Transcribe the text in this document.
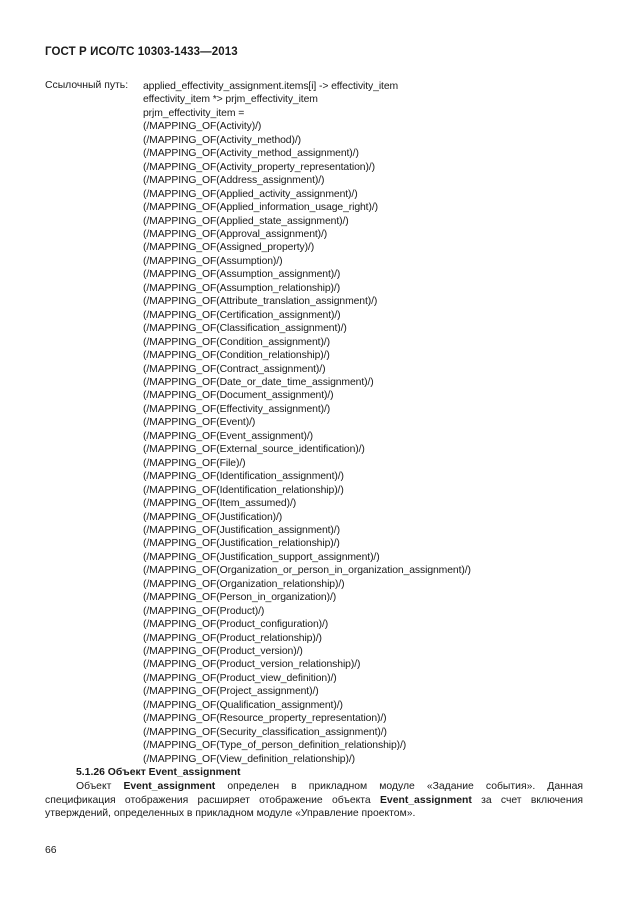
ГОСТ Р ИСО/ТС 10303-1433—2013
Ссылочный путь: applied_effectivity_assignment.items[i] -> effectivity_item
effectivity_item *> prjm_effectivity_item
prjm_effectivity_item =
(/MAPPING_OF(Activity)/)
(/MAPPING_OF(Activity_method)/)
(/MAPPING_OF(Activity_method_assignment)/)
(/MAPPING_OF(Activity_property_representation)/)
(/MAPPING_OF(Address_assignment)/)
(/MAPPING_OF(Applied_activity_assignment)/)
(/MAPPING_OF(Applied_information_usage_right)/)
(/MAPPING_OF(Applied_state_assignment)/)
(/MAPPING_OF(Approval_assignment)/)
(/MAPPING_OF(Assigned_property)/)
(/MAPPING_OF(Assumption)/)
(/MAPPING_OF(Assumption_assignment)/)
(/MAPPING_OF(Assumption_relationship)/)
(/MAPPING_OF(Attribute_translation_assignment)/)
(/MAPPING_OF(Certification_assignment)/)
(/MAPPING_OF(Classification_assignment)/)
(/MAPPING_OF(Condition_assignment)/)
(/MAPPING_OF(Condition_relationship)/)
(/MAPPING_OF(Contract_assignment)/)
(/MAPPING_OF(Date_or_date_time_assignment)/)
(/MAPPING_OF(Document_assignment)/)
(/MAPPING_OF(Effectivity_assignment)/)
(/MAPPING_OF(Event)/)
(/MAPPING_OF(Event_assignment)/)
(/MAPPING_OF(External_source_identification)/)
(/MAPPING_OF(File)/)
(/MAPPING_OF(Identification_assignment)/)
(/MAPPING_OF(Identification_relationship)/)
(/MAPPING_OF(Item_assumed)/)
(/MAPPING_OF(Justification)/)
(/MAPPING_OF(Justification_assignment)/)
(/MAPPING_OF(Justification_relationship)/)
(/MAPPING_OF(Justification_support_assignment)/)
(/MAPPING_OF(Organization_or_person_in_organization_assignment)/)
(/MAPPING_OF(Organization_relationship)/)
(/MAPPING_OF(Person_in_organization)/)
(/MAPPING_OF(Product)/)
(/MAPPING_OF(Product_configuration)/)
(/MAPPING_OF(Product_relationship)/)
(/MAPPING_OF(Product_version)/)
(/MAPPING_OF(Product_version_relationship)/)
(/MAPPING_OF(Product_view_definition)/)
(/MAPPING_OF(Project_assignment)/)
(/MAPPING_OF(Qualification_assignment)/)
(/MAPPING_OF(Resource_property_representation)/)
(/MAPPING_OF(Security_classification_assignment)/)
(/MAPPING_OF(Type_of_person_definition_relationship)/)
(/MAPPING_OF(View_definition_relationship)/)
5.1.26 Объект Event_assignment
Объект Event_assignment определен в прикладном модуле «Задание события». Данная спецификация отображения расширяет отображение объекта Event_assignment за счет включения утверждений, определенных в прикладном модуле «Управление проектом».
66
